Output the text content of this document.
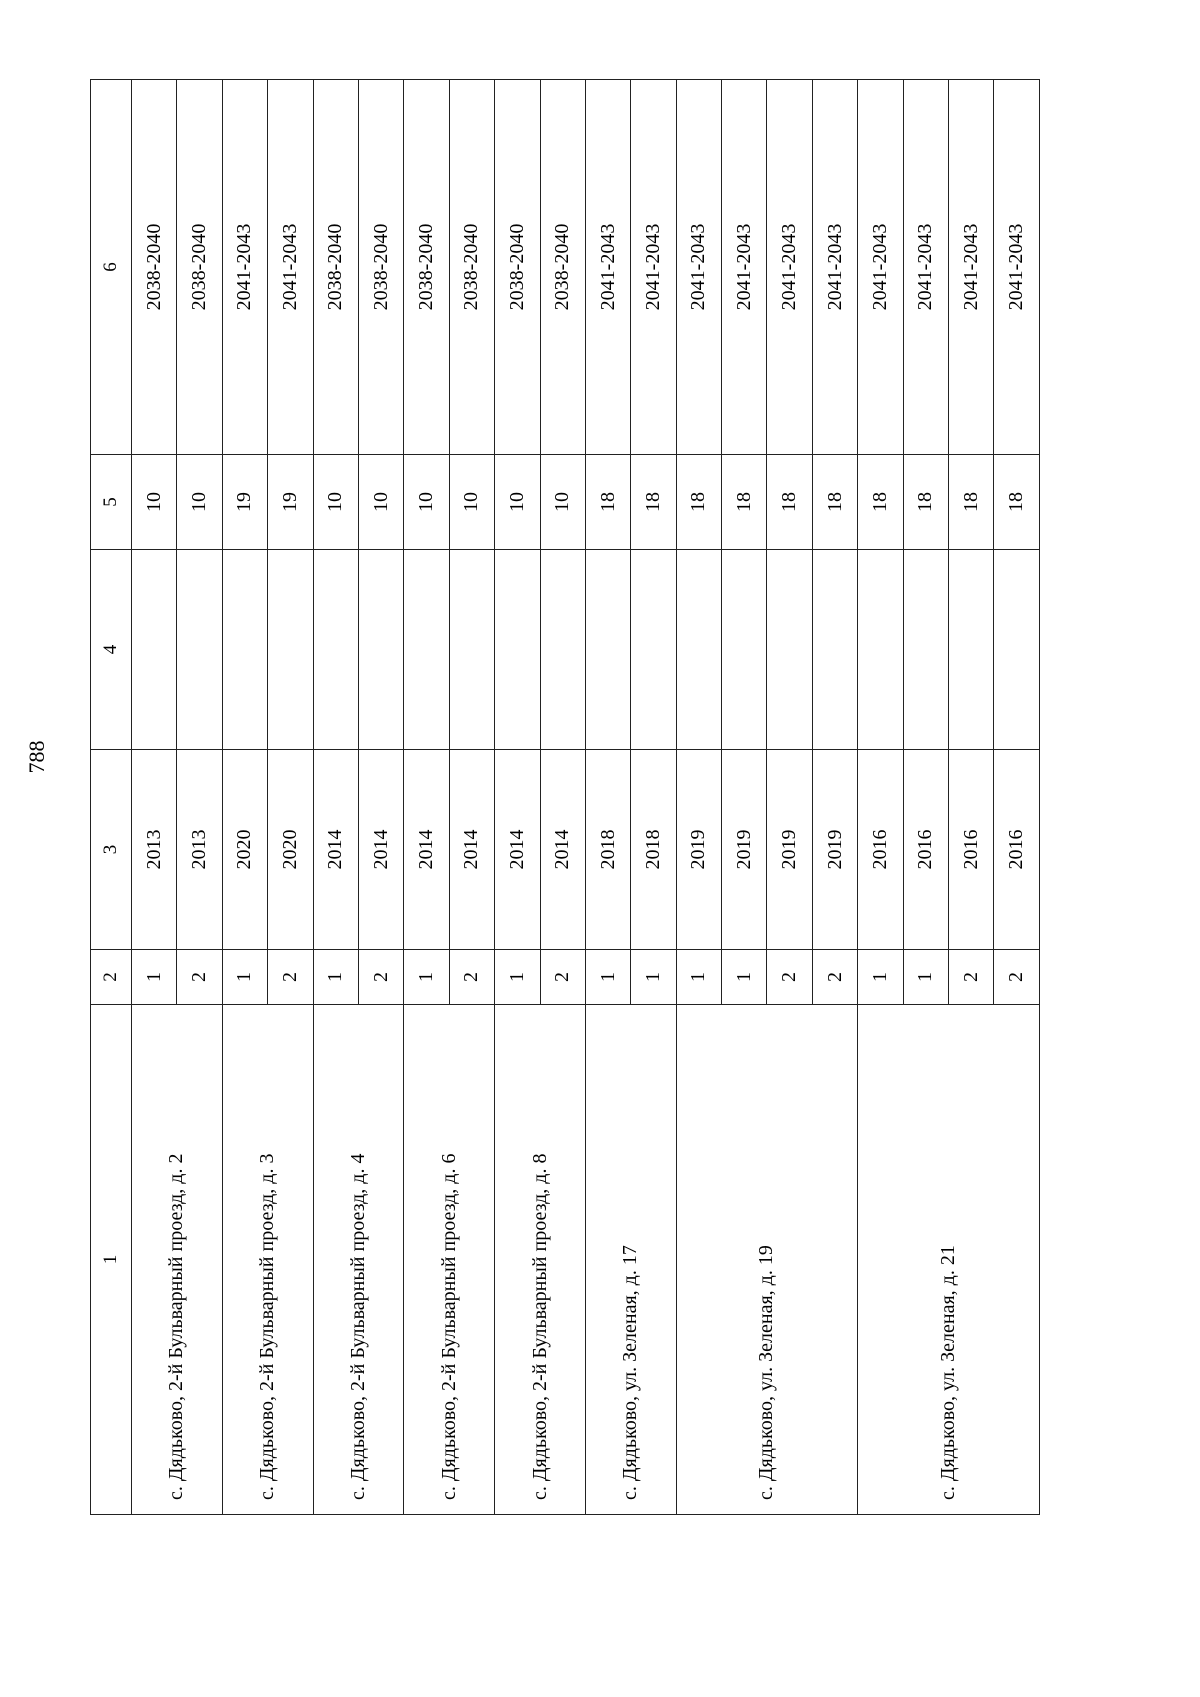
788
1	2	3	4	5	6
с. Дядьково, 2-й Бульварный проезд, д. 2	1	2013		10	2038-2040
	2	2013		10	2038-2040
с. Дядьково, 2-й Бульварный проезд, д. 3	1	2020		19	2041-2043
	2	2020		19	2041-2043
с. Дядьково, 2-й Бульварный проезд, д. 4	1	2014		10	2038-2040
	2	2014		10	2038-2040
с. Дядьково, 2-й Бульварный проезд, д. 6	1	2014		10	2038-2040
	2	2014		10	2038-2040
с. Дядьково, 2-й Бульварный проезд, д. 8	1	2014		10	2038-2040
	2	2014		10	2038-2040
с. Дядьково, ул. Зеленая, д. 17	1	2018		18	2041-2043
	1	2018		18	2041-2043
с. Дядьково, ул. Зеленая, д. 19	1	2019		18	2041-2043
	1	2019		18	2041-2043
	2	2019		18	2041-2043
	2	2019		18	2041-2043
с. Дядьково, ул. Зеленая, д. 21	1	2016		18	2041-2043
	1	2016		18	2041-2043
	2	2016		18	2041-2043
	2	2016		18	2041-2043
